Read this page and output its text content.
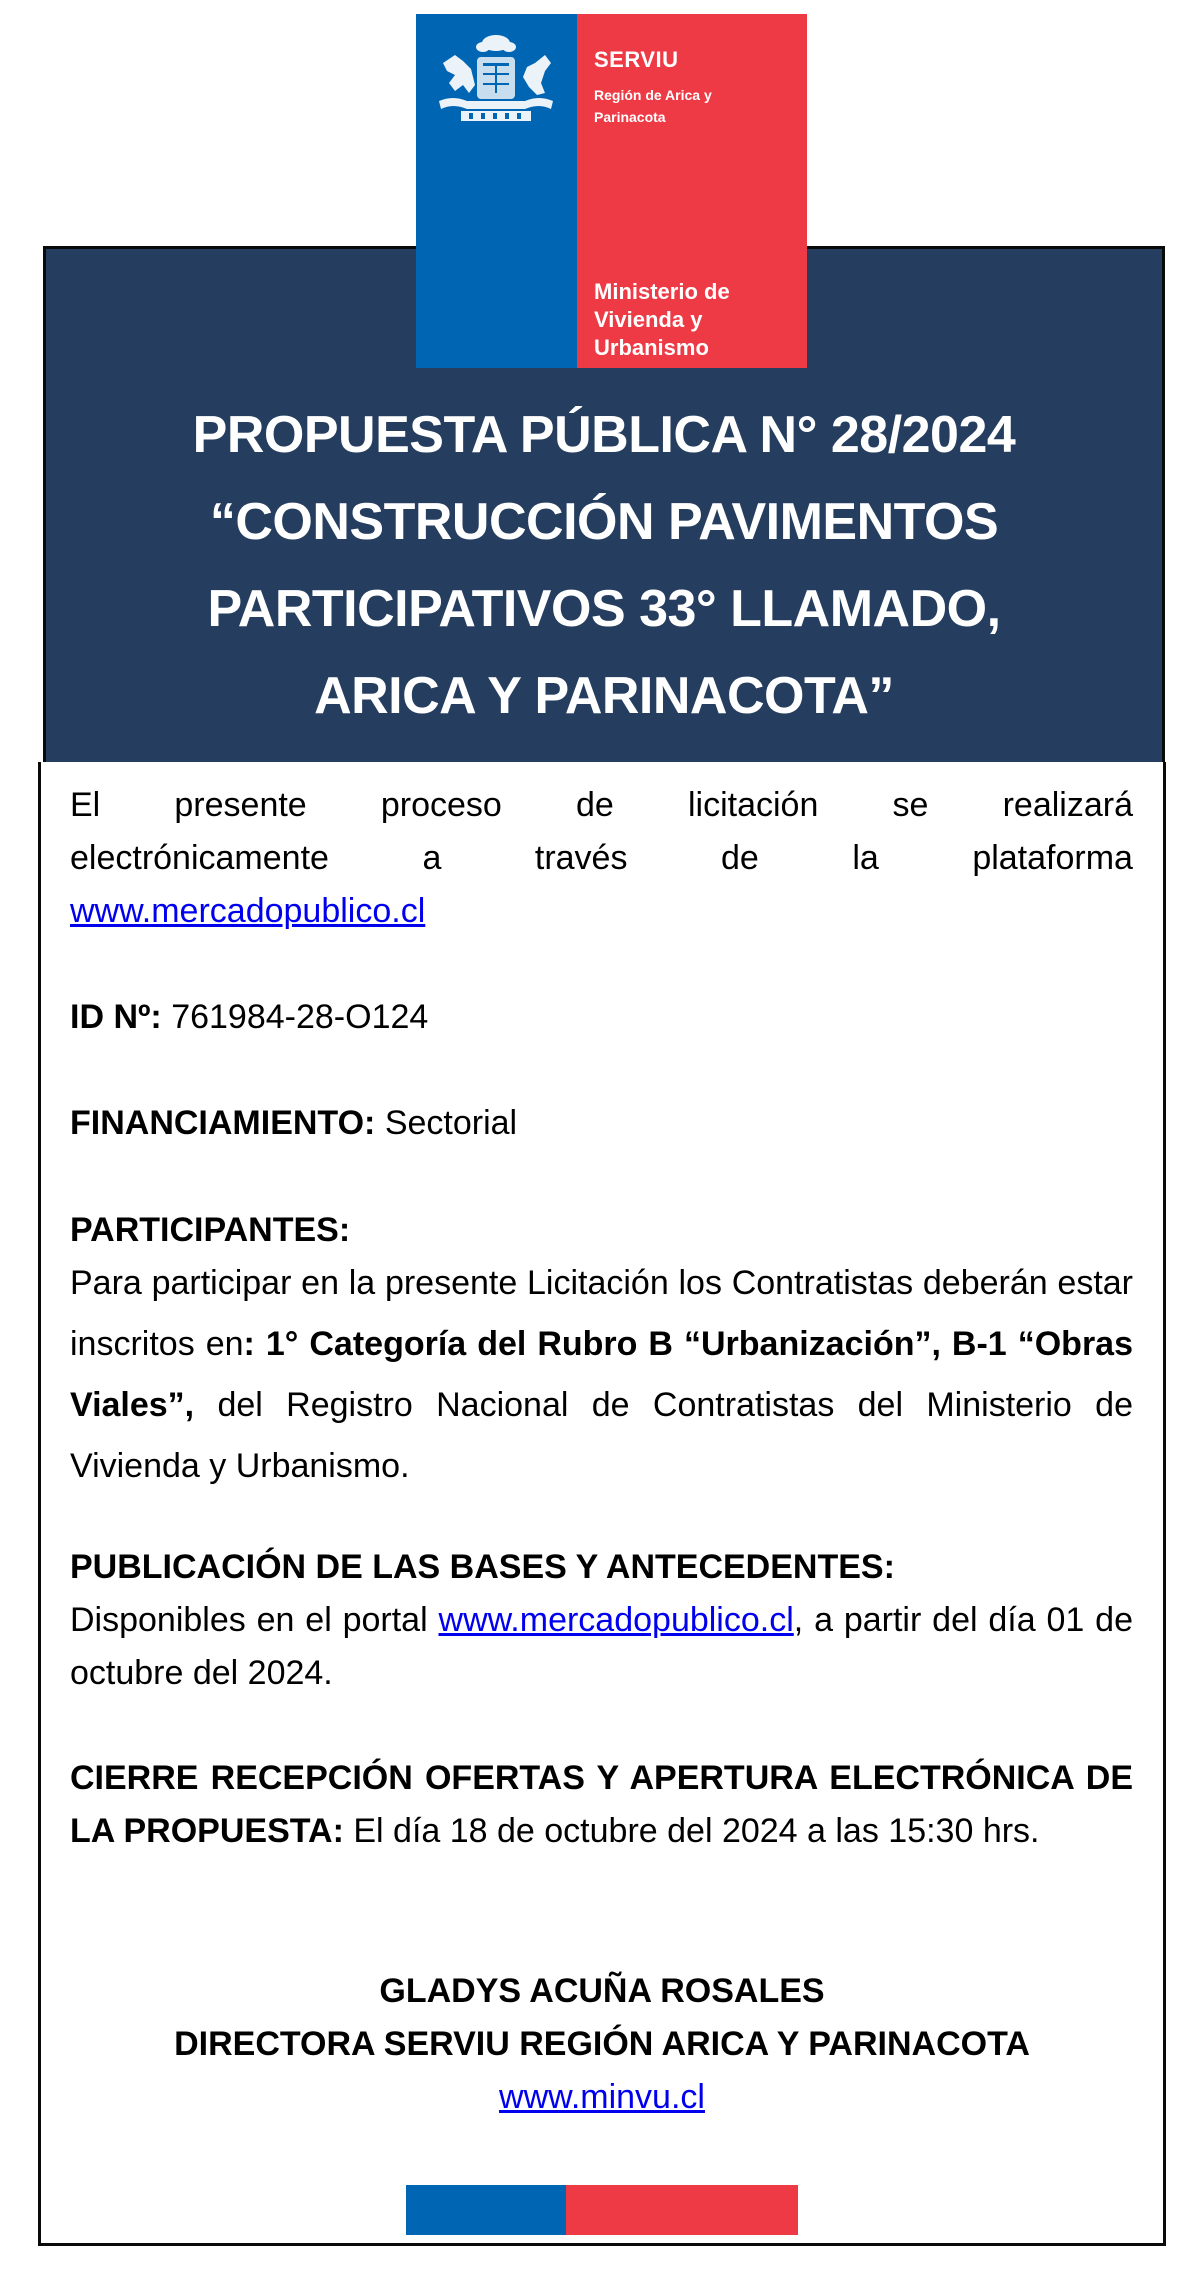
SERVIU
Región de Arica y
Parinacota
Ministerio de
Vivienda y
Urbanismo
PROPUESTA PÚBLICA N° 28/2024
“CONSTRUCCIÓN PAVIMENTOS
PARTICIPATIVOS 33° LLAMADO,
ARICA Y PARINACOTA”
El presente proceso de licitación se realizará
electrónicamente	a	través	de	la	plataforma
www.mercadopublico.cl
ID Nº: 761984-28-O124
FINANCIAMIENTO: Sectorial
PARTICIPANTES:
Para participar en la presente Licitación los Contratistas deberán estar inscritos en: 1° Categoría del Rubro B “Urbanización”, B-1 “Obras Viales”, del Registro Nacional de Contratistas del Ministerio de Vivienda y Urbanismo.
PUBLICACIÓN DE LAS BASES Y ANTECEDENTES:
Disponibles en el portal www.mercadopublico.cl, a partir del día 01 de octubre del 2024.
CIERRE RECEPCIÓN OFERTAS Y APERTURA ELECTRÓNICA DE LA PROPUESTA: El día 18 de octubre del 2024 a las 15:30 hrs.
GLADYS ACUÑA ROSALES
DIRECTORA SERVIU REGIÓN ARICA Y PARINACOTA
www.minvu.cl
